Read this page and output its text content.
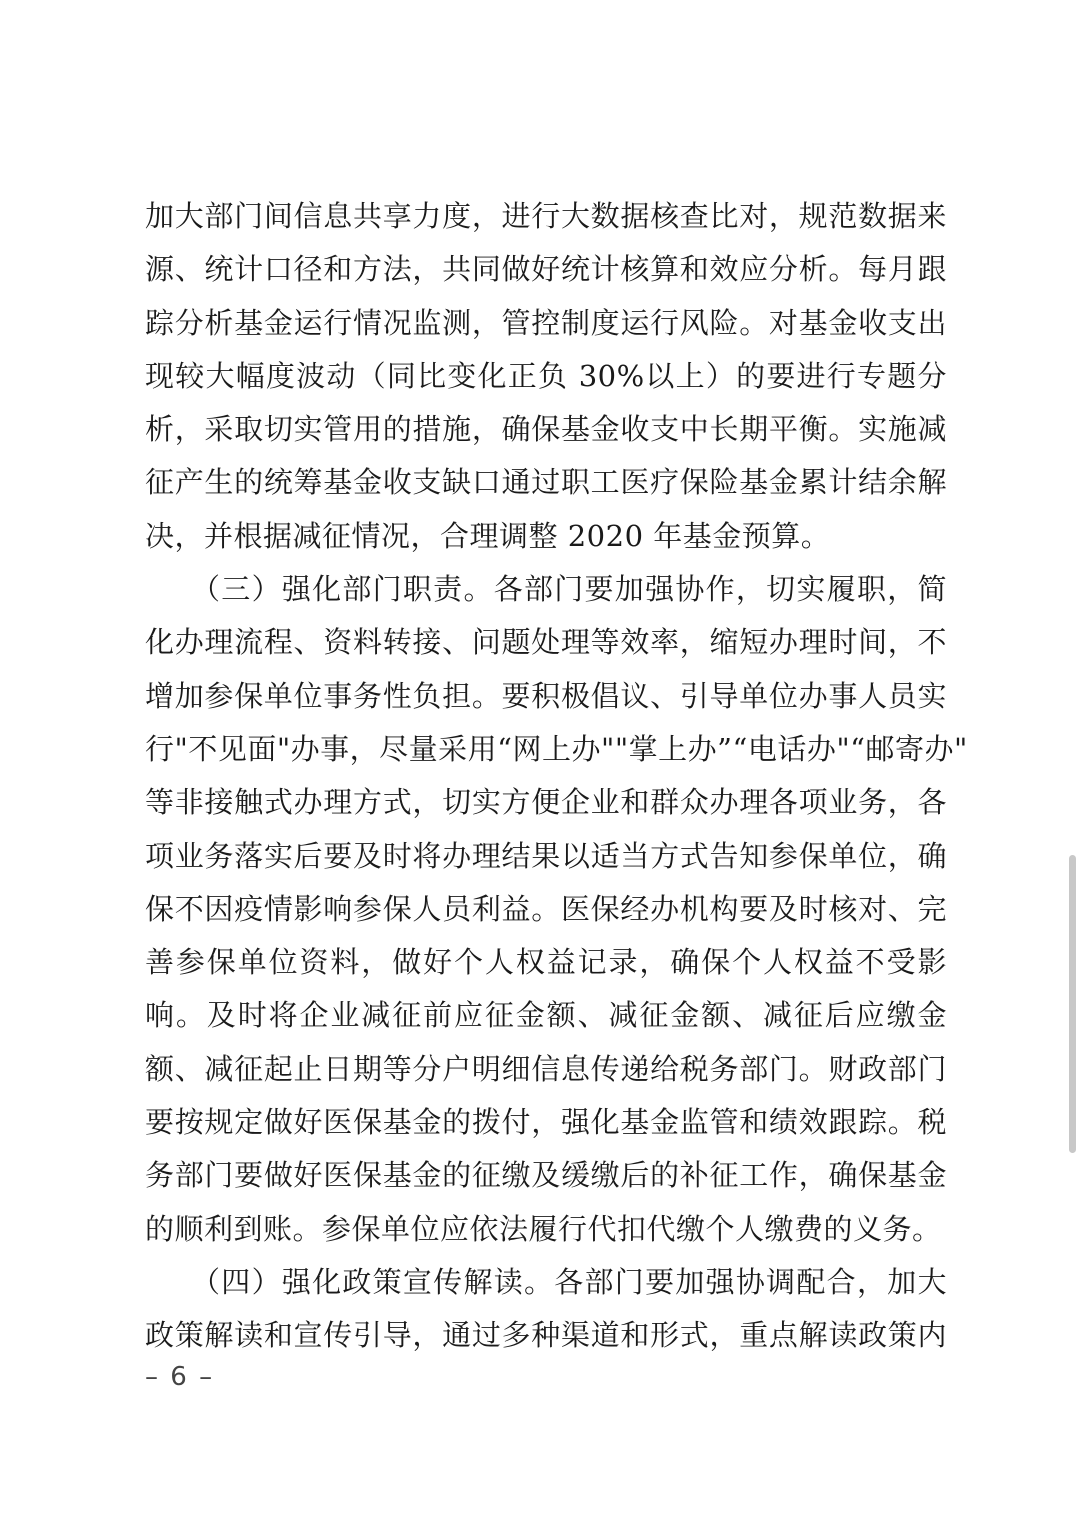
加大部门间信息共享力度，进行大数据核查比对，规范数据来
源、统计口径和方法，共同做好统计核算和效应分析。每月跟
踪分析基金运行情况监测，管控制度运行风险。对基金收支出
现较大幅度波动（同比变化正负 30%以上）的要进行专题分
析，采取切实管用的措施，确保基金收支中长期平衡。实施减
征产生的统筹基金收支缺口通过职工医疗保险基金累计结余解
决，并根据减征情况，合理调整 2020 年基金预算。
　　（三）强化部门职责。各部门要加强协作，切实履职，简
化办理流程、资料转接、问题处理等效率，缩短办理时间，不
增加参保单位事务性负担。要积极倡议、引导单位办事人员实
行"不见面"办事，尽量采用“网上办""掌上办”“电话办"“邮寄办"
等非接触式办理方式，切实方便企业和群众办理各项业务，各
项业务落实后要及时将办理结果以适当方式告知参保单位，确
保不因疫情影响参保人员利益。医保经办机构要及时核对、完
善参保单位资料，做好个人权益记录，确保个人权益不受影
响。及时将企业减征前应征金额、减征金额、减征后应缴金
额、减征起止日期等分户明细信息传递给税务部门。财政部门
要按规定做好医保基金的拨付，强化基金监管和绩效跟踪。税
务部门要做好医保基金的征缴及缓缴后的补征工作，确保基金
的顺利到账。参保单位应依法履行代扣代缴个人缴费的义务。
　　（四）强化政策宣传解读。各部门要加强协调配合，加大
政策解读和宣传引导，通过多种渠道和形式，重点解读政策内
– 6 –
